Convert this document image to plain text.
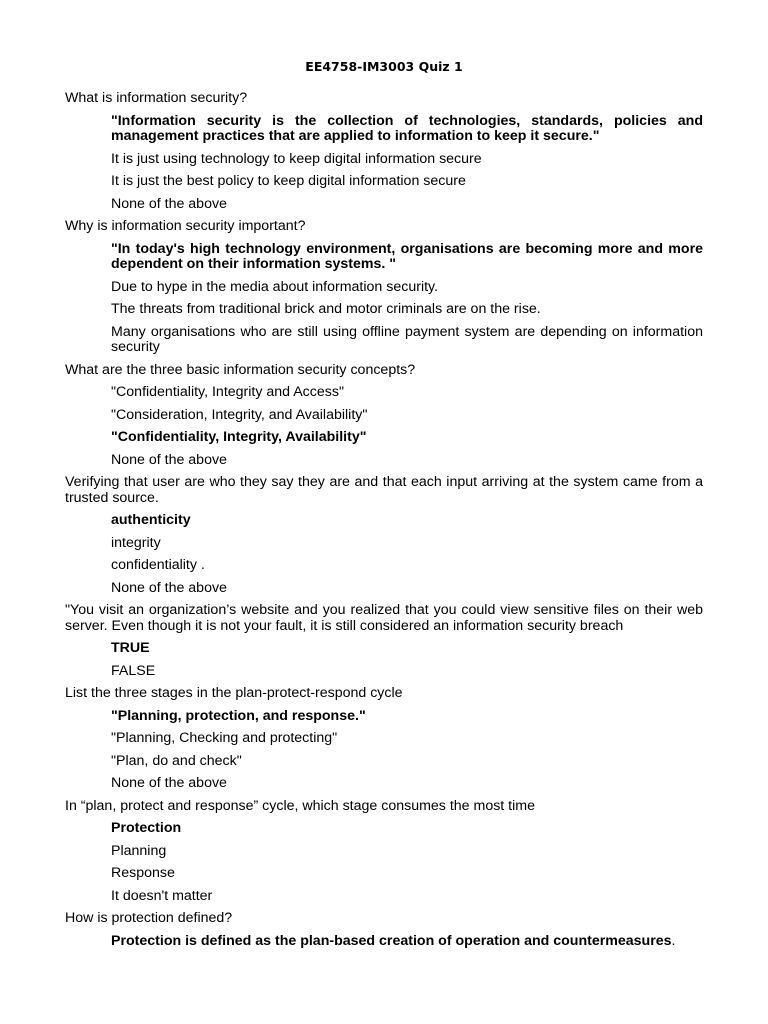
EE4758-IM3003 Quiz 1

What is information security?

"Information security is the collection of technologies, standards, policies and management practices that are applied to information to keep it secure."

It is just using technology to keep digital information secure

It is just the best policy to keep digital information secure

None of the above

Why is information security important?

"In today's high technology environment, organisations are becoming more and more dependent on their information systems. "

Due to hype in the media about information security.

The threats from traditional brick and motor criminals are on the rise.

Many organisations who are still using offline payment system are depending on information security

What are the three basic information security concepts?

"Confidentiality, Integrity and Access"

"Consideration, Integrity, and Availability"

"Confidentiality, Integrity, Availability"

None of the above

Verifying that user are who they say they are and that each input arriving at the system came from a trusted source.

authenticity

integrity

confidentiality .

None of the above

"You visit an organization’s website and you realized that you could view sensitive files on their web server. Even though it is not your fault, it is still considered an information security breach

TRUE

FALSE

List the three stages in the plan-protect-respond cycle

"Planning, protection, and response."

"Planning, Checking and protecting"

"Plan, do and check"

None of the above

In “plan, protect and response” cycle, which stage consumes the most time

Protection

Planning

Response

It doesn't matter

How is protection defined?

Protection is defined as the plan-based creation of operation and countermeasures.
